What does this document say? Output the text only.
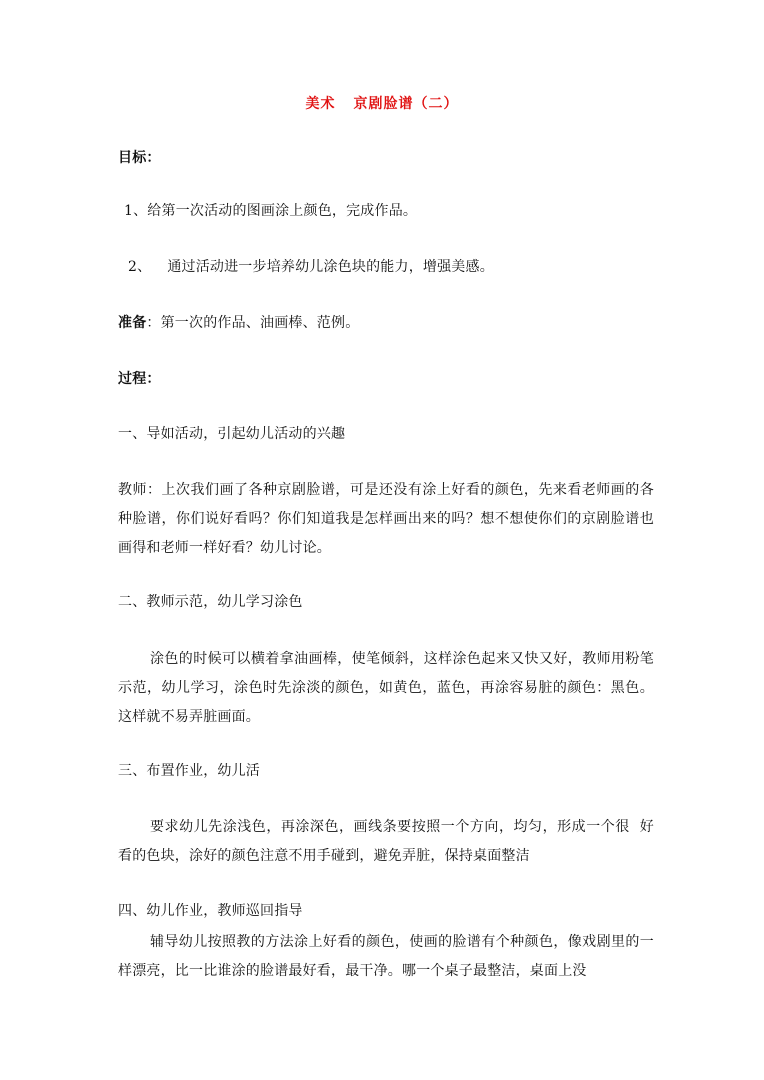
美术 京剧脸谱（二）
目标：
1、给第一次活动的图画涂上颜色，完成作品。
2、 通过活动进一步培养幼儿涂色块的能力，增强美感。
准备：第一次的作品、油画棒、范例。
过程：
一、导如活动，引起幼儿活动的兴趣
教师：上次我们画了各种京剧脸谱，可是还没有涂上好看的颜色，先来看老师画的各种脸谱，你们说好看吗？你们知道我是怎样画出来的吗？想不想使你们的京剧脸谱也画得和老师一样好看？幼儿讨论。
二、教师示范，幼儿学习涂色
涂色的时候可以横着拿油画棒，使笔倾斜，这样涂色起来又快又好，教师用粉笔示范，幼儿学习，涂色时先涂淡的颜色，如黄色，蓝色，再涂容易脏的颜色：黑色。这样就不易弄脏画面。
三、布置作业，幼儿活
要求幼儿先涂浅色，再涂深色，画线条要按照一个方向，均匀，形成一个很  好看的色块，涂好的颜色注意不用手碰到，避免弄脏，保持桌面整洁
四、幼儿作业，教师巡回指导
辅导幼儿按照教的方法涂上好看的颜色，使画的脸谱有个种颜色，像戏剧里的一样漂亮，比一比谁涂的脸谱最好看，最干净。哪一个桌子最整洁，桌面上没
